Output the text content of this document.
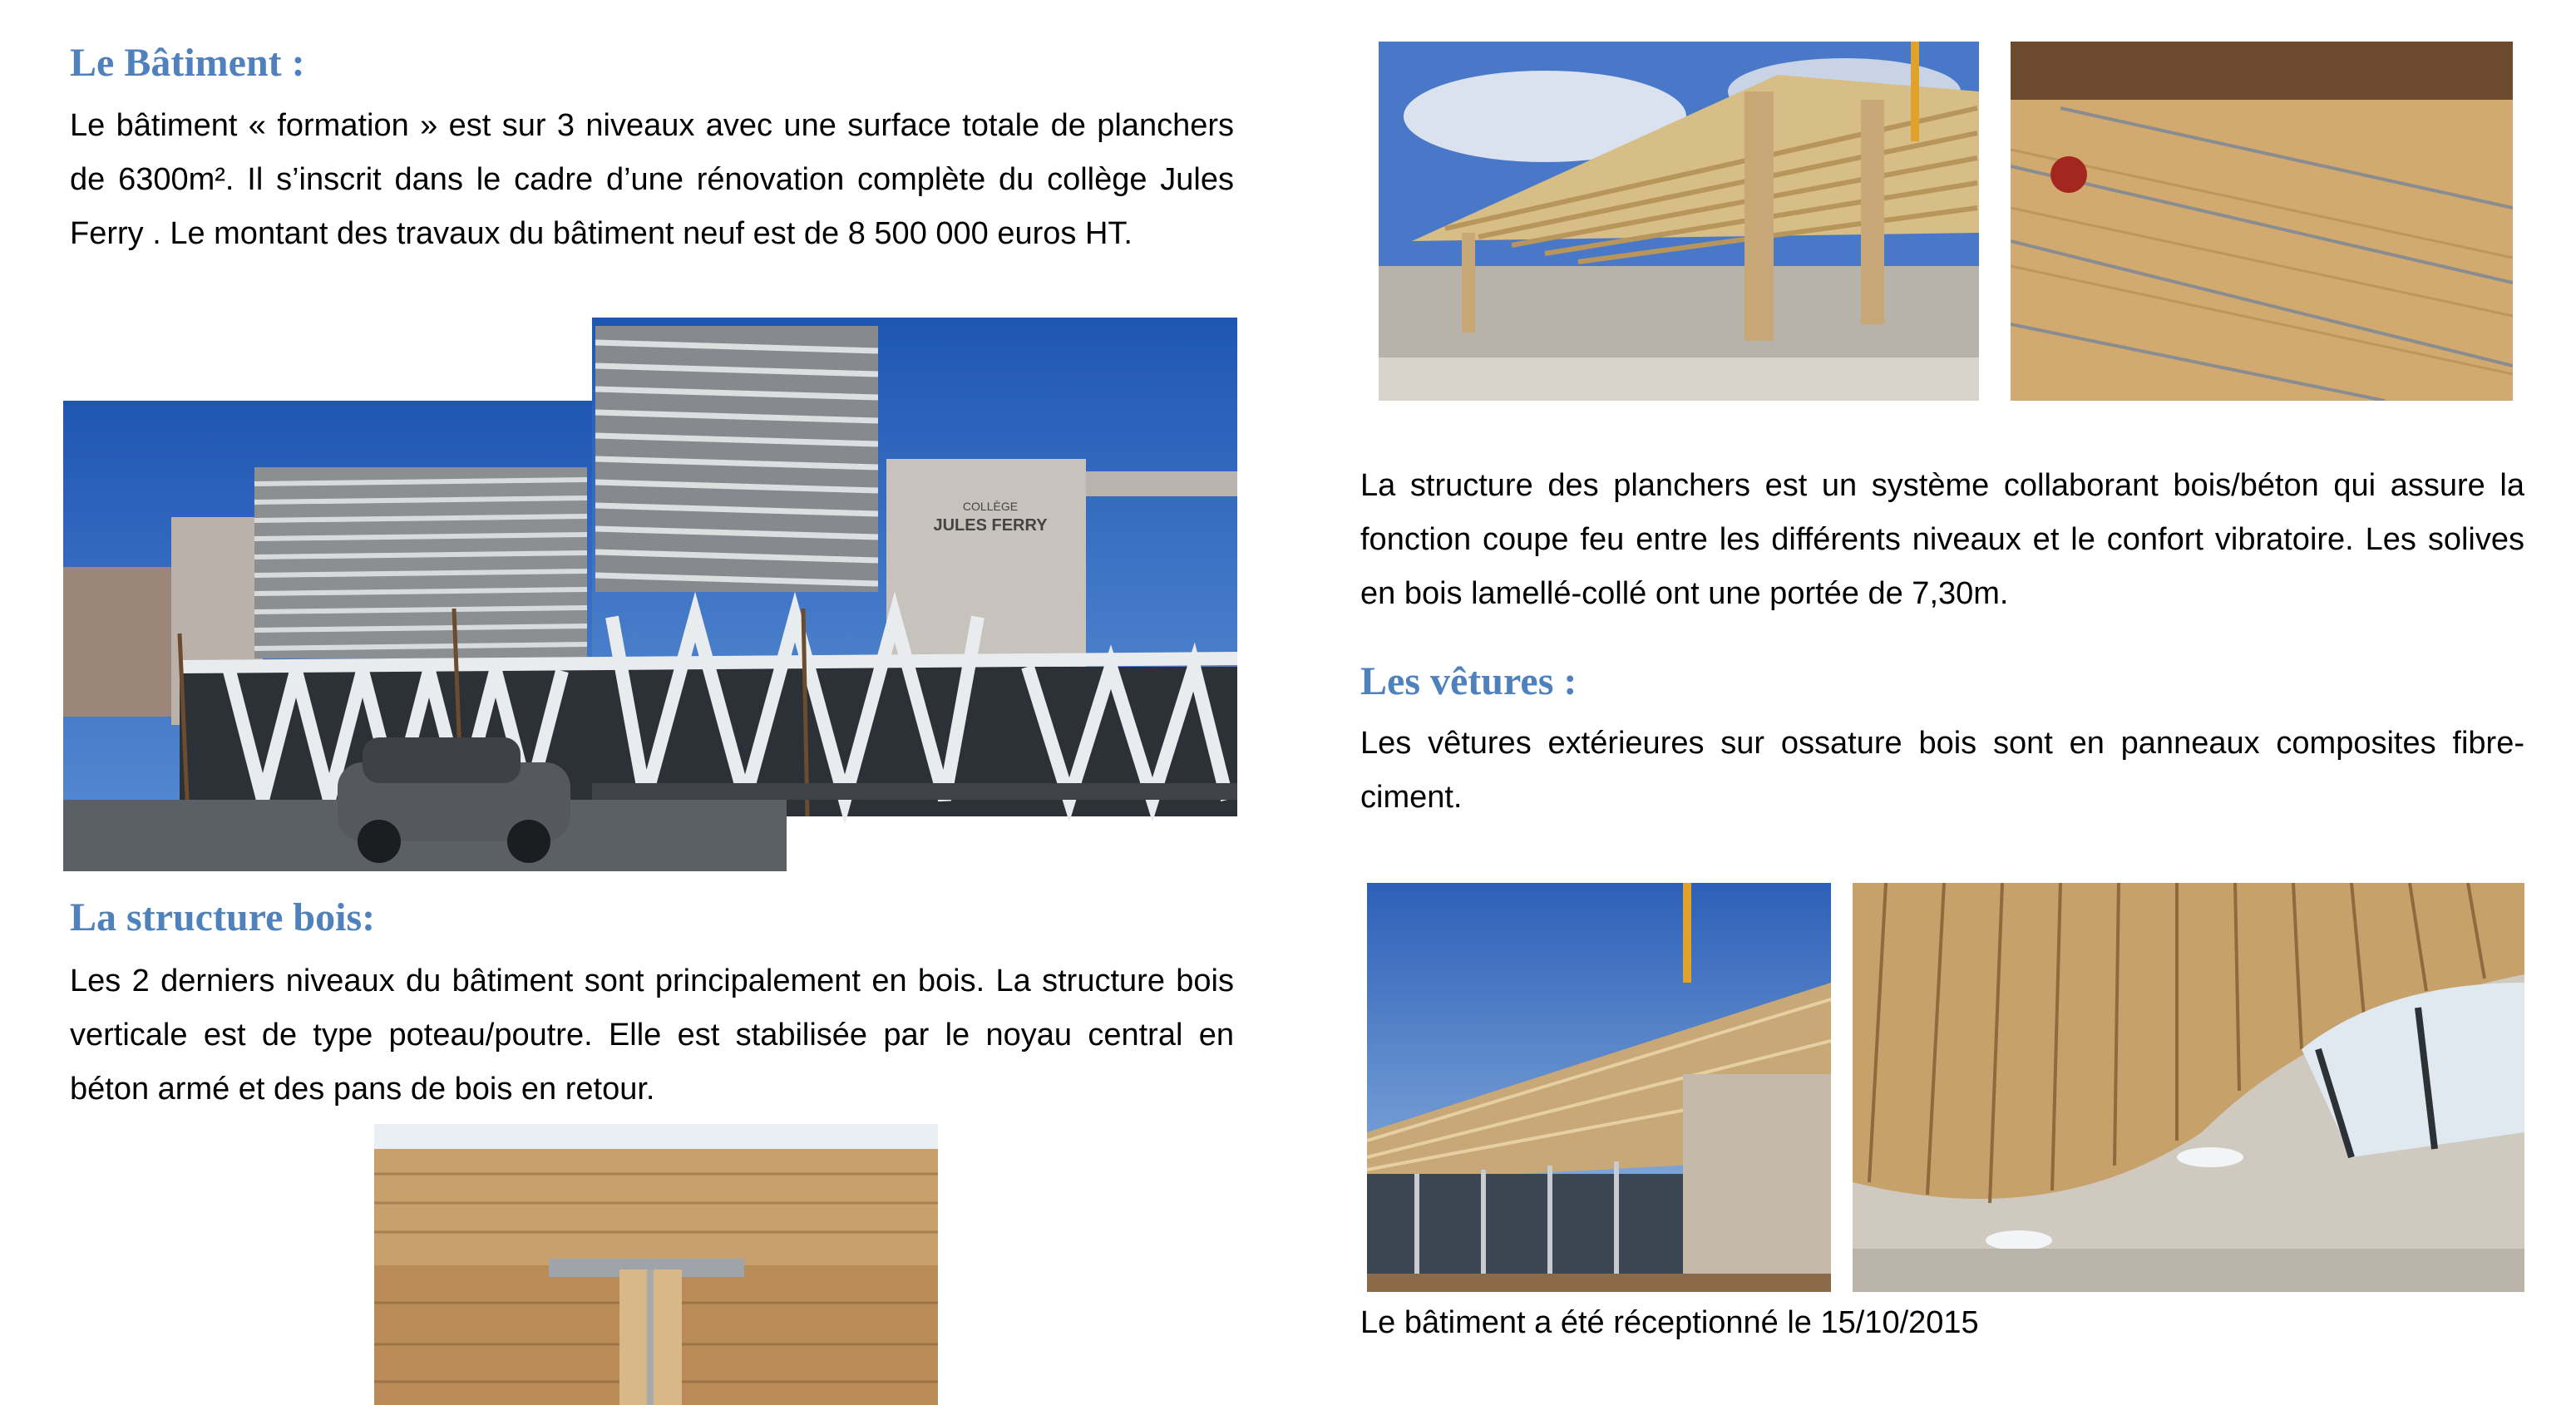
Le Bâtiment :

Le bâtiment « formation » est sur 3 niveaux avec une surface totale de planchers de 6300m². Il s’inscrit dans le cadre d’une rénovation complète du collège Jules Ferry . Le montant des travaux du bâtiment neuf est de 8 500 000 euros HT.

COLLÈGE
JULES FERRY
La structure bois:

Les 2 derniers niveaux du bâtiment sont principalement en bois. La structure bois verticale est de type poteau/poutre. Elle est stabilisée par le noyau central en béton armé et des pans de bois en retour.

La structure des planchers est un système collaborant bois/béton qui assure la fonction coupe feu entre les différents niveaux et le confort vibratoire. Les solives en bois lamellé-collé ont une portée de 7,30m.

Les vêtures :

Les vêtures extérieures sur ossature bois sont en panneaux composites fibre-ciment.

Le bâtiment a été réceptionné le 15/10/2015
